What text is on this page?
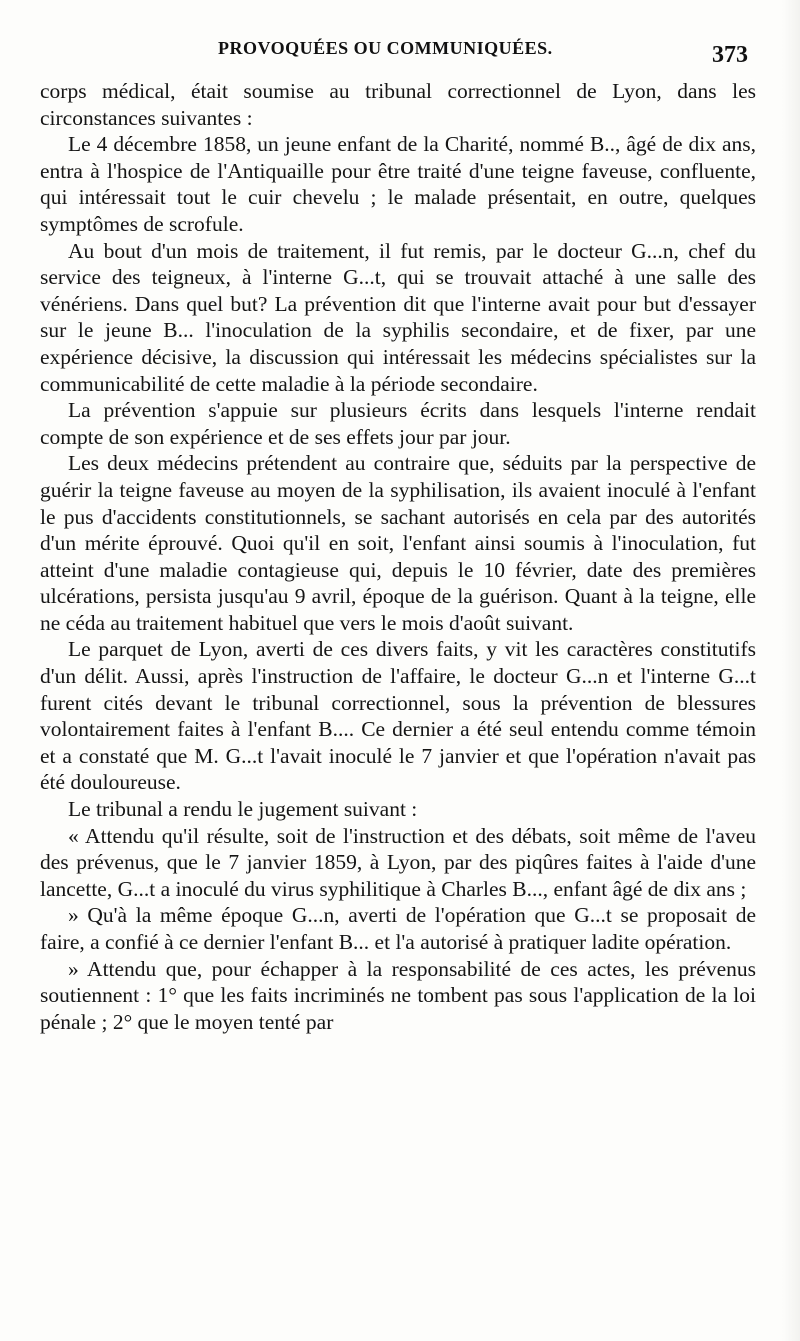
PROVOQUÉES OU COMMUNIQUÉES.	373

corps médical, était soumise au tribunal correctionnel de Lyon, dans les circonstances suivantes :

Le 4 décembre 1858, un jeune enfant de la Charité, nommé B.., âgé de dix ans, entra à l'hospice de l'Antiquaille pour être traité d'une teigne faveuse, confluente, qui intéressait tout le cuir chevelu ; le malade présentait, en outre, quelques symptômes de scrofule.

Au bout d'un mois de traitement, il fut remis, par le docteur G...n, chef du service des teigneux, à l'interne G...t, qui se trouvait attaché à une salle des vénériens. Dans quel but? La prévention dit que l'interne avait pour but d'essayer sur le jeune B... l'inoculation de la syphilis secondaire, et de fixer, par une expérience décisive, la discussion qui intéressait les médecins spécialistes sur la communicabilité de cette maladie à la période secondaire.

La prévention s'appuie sur plusieurs écrits dans lesquels l'interne rendait compte de son expérience et de ses effets jour par jour.

Les deux médecins prétendent au contraire que, séduits par la perspective de guérir la teigne faveuse au moyen de la syphilisation, ils avaient inoculé à l'enfant le pus d'accidents constitutionnels, se sachant autorisés en cela par des autorités d'un mérite éprouvé. Quoi qu'il en soit, l'enfant ainsi soumis à l'inoculation, fut atteint d'une maladie contagieuse qui, depuis le 10 février, date des premières ulcérations, persista jusqu'au 9 avril, époque de la guérison. Quant à la teigne, elle ne céda au traitement habituel que vers le mois d'août suivant.

Le parquet de Lyon, averti de ces divers faits, y vit les caractères constitutifs d'un délit. Aussi, après l'instruction de l'affaire, le docteur G...n et l'interne G...t furent cités devant le tribunal correctionnel, sous la prévention de blessures volontairement faites à l'enfant B.... Ce dernier a été seul entendu comme témoin et a constaté que M. G...t l'avait inoculé le 7 janvier et que l'opération n'avait pas été douloureuse.

Le tribunal a rendu le jugement suivant :

« Attendu qu'il résulte, soit de l'instruction et des débats, soit même de l'aveu des prévenus, que le 7 janvier 1859, à Lyon, par des piqûres faites à l'aide d'une lancette, G...t a inoculé du virus syphilitique à Charles B..., enfant âgé de dix ans ;

» Qu'à la même époque G...n, averti de l'opération que G...t se proposait de faire, a confié à ce dernier l'enfant B... et l'a autorisé à pratiquer ladite opération.

» Attendu que, pour échapper à la responsabilité de ces actes, les prévenus soutiennent : 1° que les faits incriminés ne tombent pas sous l'application de la loi pénale ; 2° que le moyen tenté par
